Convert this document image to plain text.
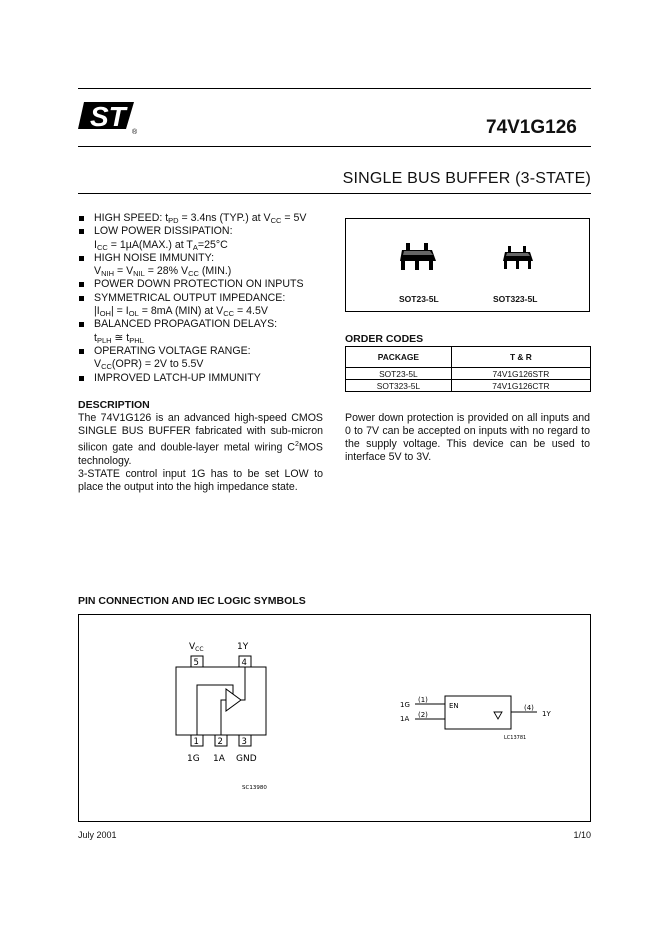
ST
®	74V1G126
SINGLE BUS BUFFER (3-STATE)
HIGH SPEED: $t_{PD} = 3.4ns$ (TYP.) at $V_{CC} = 5V$
LOW POWER DISSIPATION:
$I_{CC} = 1\mu A(MAX.)$ at $T_A=25^\circ C$
HIGH NOISE IMMUNITY:
$V_{NIH} = V_{NIL} = 28\%$ $V_{CC}$ (MIN.)
POWER DOWN PROTECTION ON INPUTS
SYMMETRICAL OUTPUT IMPEDANCE:
$|I_{OH}| = I_{OL} = 8mA$ (MIN) at $V_{CC} = 4.5V$
BALANCED PROPAGATION DELAYS:
$t_{PLH}$ ≅ $t_{PHL}$
OPERATING VOLTAGE RANGE:
$V_{CC}(OPR) = 2V$ to 5.5V
IMPROVED LATCH-UP IMMUNITY
SOT23-5L	SOT323-5L
ORDER CODES
PACKAGE	T & R
SOT23-5L	74V1G126STR
SOT323-5L	74V1G126CTR
DESCRIPTION
The 74V1G126 is an advanced high-speed CMOS SINGLE BUS BUFFER fabricated with sub-micron silicon gate and double-layer metal wiring $C^2MOS$ technology.
3-STATE control input 1G has to be set LOW to place the output into the high impedance state.
Power down protection is provided on all inputs and 0 to 7V can be accepted on inputs with no regard to the supply voltage. This device can be used to interface 5V to 3V.
PIN CONNECTION AND IEC LOGIC SYMBOLS
$V_{CC}$	1Y
5	4
1 2 3
1G 1A GND
SC13980
1G
1A
(1)
(2)
EN	(4)
1Y
LC13781
July 2001	1/10
